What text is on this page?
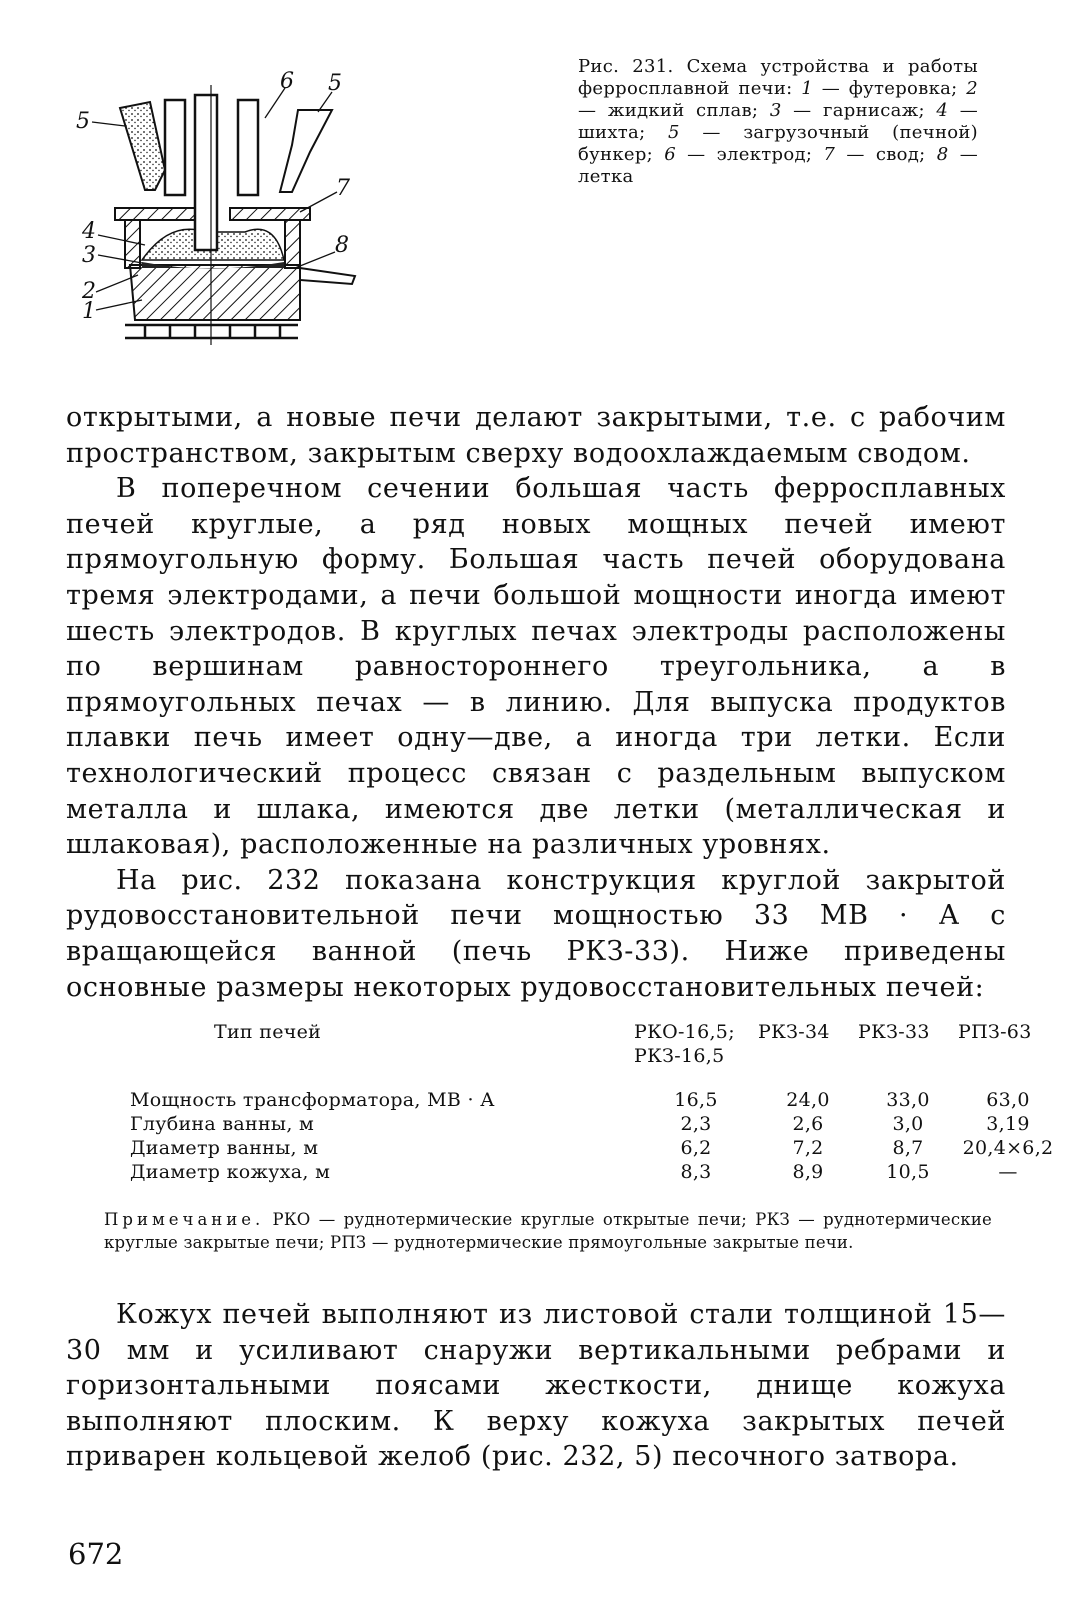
5
6 5
7
4
8
3
2
1
Рис. 231. Схема устройства и работы ферросплавной печи: 1 — футеровка; 2 — жидкий сплав; 3 — гарнисаж; 4 — шихта; 5 — загрузочный (печной) бункер; 6 — электрод; 7 — свод; 8 — летка

открытыми, а новые печи делают закрытыми, т.е. с рабочим пространством, закрытым сверху водоохлаждаемым сводом.

В поперечном сечении большая часть ферросплавных печей круглые, а ряд новых мощных печей имеют прямоугольную форму. Большая часть печей оборудована тремя электродами, а печи большой мощности иногда имеют шесть электродов. В круглых печах электроды расположены по вершинам равностороннего треугольника, а в прямоугольных печах — в линию. Для выпуска продуктов плавки печь имеет одну—две, а иногда три летки. Если технологический процесс связан с раздельным выпуском металла и шлака, имеются две летки (металлическая и шлаковая), расположенные на различных уровнях.

На рис. 232 показана конструкция круглой закрытой рудовосстановительной печи мощностью 33 МВ · А с вращающейся ванной (печь РКЗ-33). Ниже приведены основные размеры некоторых рудовосстановительных печей:

Тип печей	РКО-16,5; РКЗ-16,5	РКЗ-34	РКЗ-33	РПЗ-63

Мощность трансформатора, МВ · А	16,5	24,0	33,0	63,0
Глубина ванны, м	2,3	2,6	3,0	3,19
Диаметр ванны, м	6,2	7,2	8,7	20,4×6,2
Диаметр кожуха, м	8,3	8,9	10,5	—
Примечание. РКО — руднотермические круглые открытые печи; РКЗ — руднотермические круглые закрытые печи; РПЗ — руднотермические прямоугольные закрытые печи.

Кожух печей выполняют из листовой стали толщиной 15—30 мм и усиливают снаружи вертикальными ребрами и горизонтальными поясами жесткости, днище кожуха выполняют плоским. К верху кожуха закрытых печей приварен кольцевой желоб (рис. 232, 5) песочного затвора.

672
